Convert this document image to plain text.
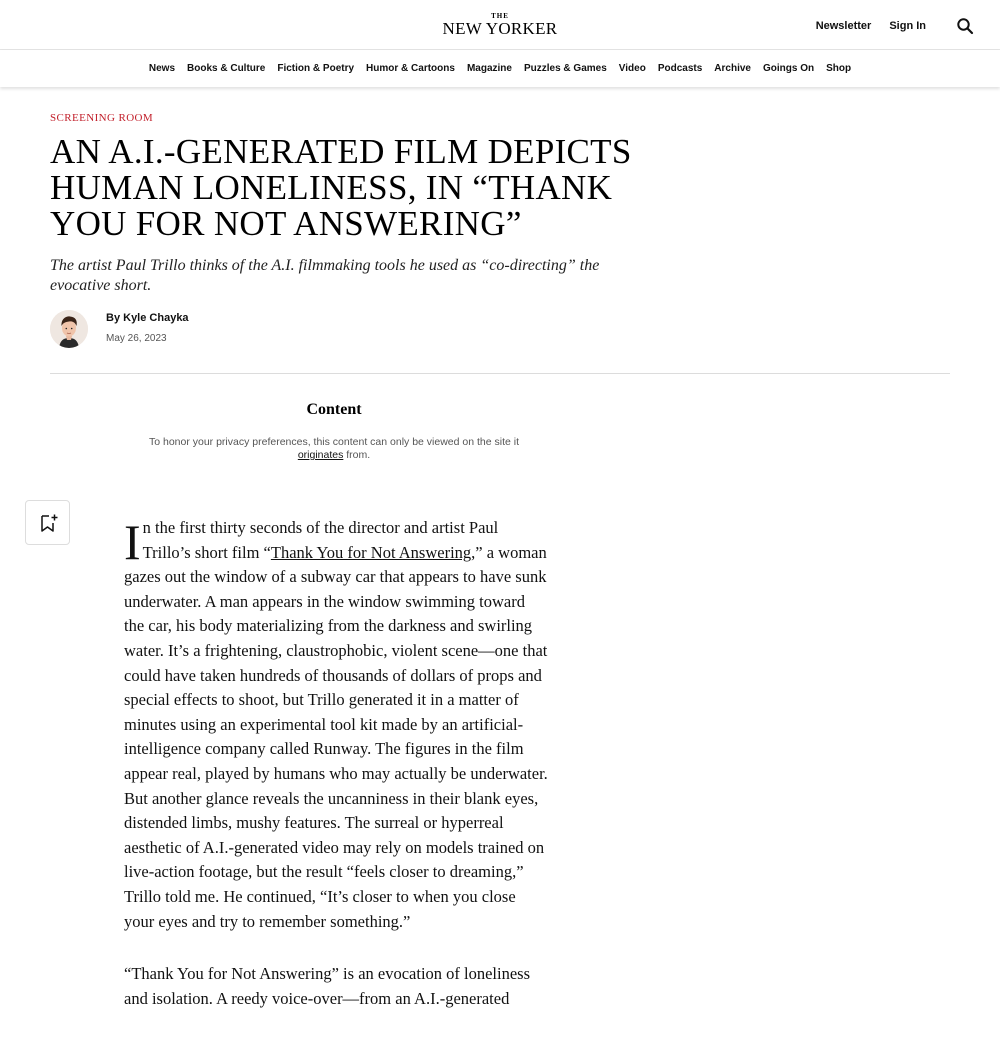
THE
NEW YORKER	Newsletter Sign In
News Books & Culture Fiction & Poetry Humor & Cartoons Magazine Puzzles & Games Video Podcasts Archive Goings On Shop
SCREENING ROOM
AN A.I.-GENERATED FILM DEPICTS HUMAN LONELINESS, IN “THANK YOU FOR NOT ANSWERING”
The artist Paul Trillo thinks of the A.I. filmmaking tools he used as “co-directing” the evocative short.
By Kyle Chayka
May 26, 2023
Content
To honor your privacy preferences, this content can only be viewed on the site it originates from.

In the first thirty seconds of the director and artist Paul Trillo’s short film “Thank You for Not Answering,” a woman gazes out the window of a subway car that appears to have sunk underwater. A man appears in the window swimming toward the car, his body materializing from the darkness and swirling water. It’s a frightening, claustrophobic, violent scene—one that could have taken hundreds of thousands of dollars of props and special effects to shoot, but Trillo generated it in a matter of minutes using an experimental tool kit made by an artificial-intelligence company called Runway. The figures in the film appear real, played by humans who may actually be underwater. But another glance reveals the uncanniness in their blank eyes, distended limbs, mushy features. The surreal or hyperreal aesthetic of A.I.-generated video may rely on models trained on live-action footage, but the result “feels closer to dreaming,” Trillo told me. He continued, “It’s closer to when you close your eyes and try to remember something.”

“Thank You for Not Answering” is an evocation of loneliness and isolation. A reedy voice-over—from an A.I.-generated
